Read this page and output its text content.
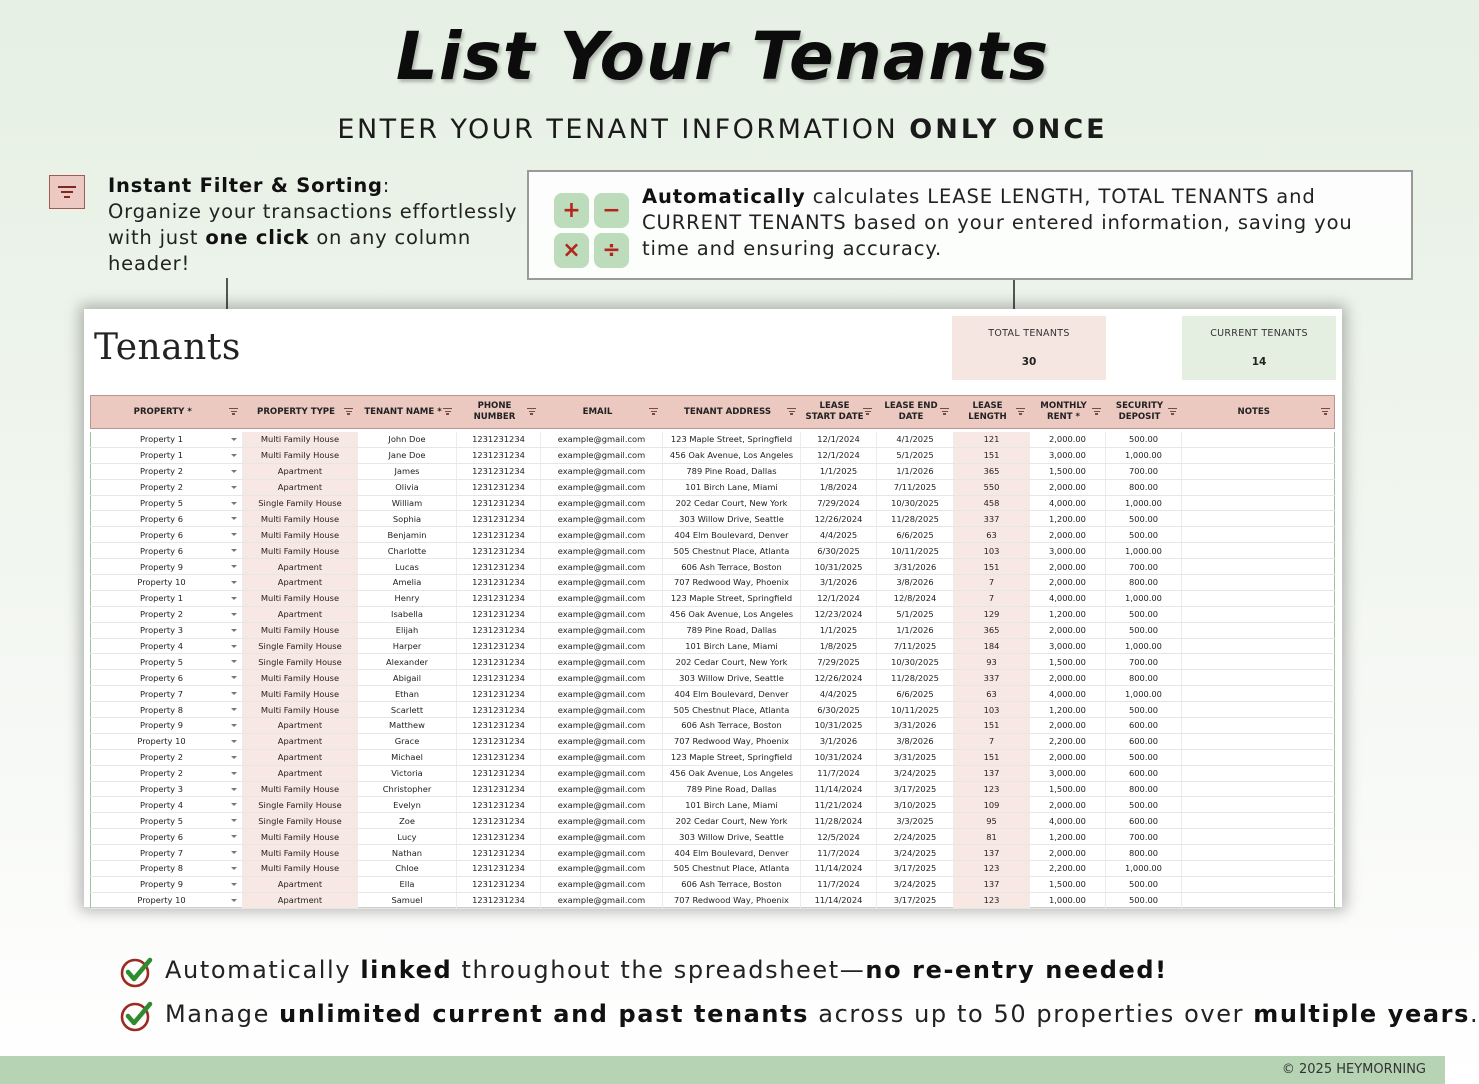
List Your Tenants
ENTER YOUR TENANT INFORMATION ONLY ONCE
Instant Filter & Sorting:
Organize your transactions effortlessly with just one click on any column header!
+ −
× ÷
Automatically calculates LEASE LENGTH, TOTAL TENANTS and CURRENT TENANTS based on your entered information, saving you time and ensuring accuracy.
Tenants	TOTAL TENANTS
30
CURRENT TENANTS
14
PROPERTY *	PROPERTY TYPE	TENANT NAME *	PHONE NUMBER	EMAIL	TENANT ADDRESS	LEASE START DATE	LEASE END DATE	LEASE LENGTH	MONTHLY RENT *	SECURITY DEPOSIT	NOTES

Property 1	Multi Family House	John Doe	1231231234	example@gmail.com	123 Maple Street, Springfield	12/1/2024	4/1/2025	121	2,000.00	500.00	
Property 1	Multi Family House	Jane Doe	1231231234	example@gmail.com	456 Oak Avenue, Los Angeles	12/1/2024	5/1/2025	151	3,000.00	1,000.00	
Property 2	Apartment	James	1231231234	example@gmail.com	789 Pine Road, Dallas	1/1/2025	1/1/2026	365	1,500.00	700.00	
Property 2	Apartment	Olivia	1231231234	example@gmail.com	101 Birch Lane, Miami	1/8/2024	7/11/2025	550	2,000.00	800.00	
Property 5	Single Family House	William	1231231234	example@gmail.com	202 Cedar Court, New York	7/29/2024	10/30/2025	458	4,000.00	1,000.00	
Property 6	Multi Family House	Sophia	1231231234	example@gmail.com	303 Willow Drive, Seattle	12/26/2024	11/28/2025	337	1,200.00	500.00	
Property 6	Multi Family House	Benjamin	1231231234	example@gmail.com	404 Elm Boulevard, Denver	4/4/2025	6/6/2025	63	2,000.00	500.00	
Property 6	Multi Family House	Charlotte	1231231234	example@gmail.com	505 Chestnut Place, Atlanta	6/30/2025	10/11/2025	103	3,000.00	1,000.00	
Property 9	Apartment	Lucas	1231231234	example@gmail.com	606 Ash Terrace, Boston	10/31/2025	3/31/2026	151	2,000.00	700.00	
Property 10	Apartment	Amelia	1231231234	example@gmail.com	707 Redwood Way, Phoenix	3/1/2026	3/8/2026	7	2,000.00	800.00	
Property 1	Multi Family House	Henry	1231231234	example@gmail.com	123 Maple Street, Springfield	12/1/2024	12/8/2024	7	4,000.00	1,000.00	
Property 2	Apartment	Isabella	1231231234	example@gmail.com	456 Oak Avenue, Los Angeles	12/23/2024	5/1/2025	129	1,200.00	500.00	
Property 3	Multi Family House	Elijah	1231231234	example@gmail.com	789 Pine Road, Dallas	1/1/2025	1/1/2026	365	2,000.00	500.00	
Property 4	Single Family House	Harper	1231231234	example@gmail.com	101 Birch Lane, Miami	1/8/2025	7/11/2025	184	3,000.00	1,000.00	
Property 5	Single Family House	Alexander	1231231234	example@gmail.com	202 Cedar Court, New York	7/29/2025	10/30/2025	93	1,500.00	700.00	
Property 6	Multi Family House	Abigail	1231231234	example@gmail.com	303 Willow Drive, Seattle	12/26/2024	11/28/2025	337	2,000.00	800.00	
Property 7	Multi Family House	Ethan	1231231234	example@gmail.com	404 Elm Boulevard, Denver	4/4/2025	6/6/2025	63	4,000.00	1,000.00	
Property 8	Multi Family House	Scarlett	1231231234	example@gmail.com	505 Chestnut Place, Atlanta	6/30/2025	10/11/2025	103	1,200.00	500.00	
Property 9	Apartment	Matthew	1231231234	example@gmail.com	606 Ash Terrace, Boston	10/31/2025	3/31/2026	151	2,000.00	600.00	
Property 10	Apartment	Grace	1231231234	example@gmail.com	707 Redwood Way, Phoenix	3/1/2026	3/8/2026	7	2,200.00	600.00	
Property 2	Apartment	Michael	1231231234	example@gmail.com	123 Maple Street, Springfield	10/31/2024	3/31/2025	151	2,000.00	500.00	
Property 2	Apartment	Victoria	1231231234	example@gmail.com	456 Oak Avenue, Los Angeles	11/7/2024	3/24/2025	137	3,000.00	600.00	
Property 3	Multi Family House	Christopher	1231231234	example@gmail.com	789 Pine Road, Dallas	11/14/2024	3/17/2025	123	1,500.00	800.00	
Property 4	Single Family House	Evelyn	1231231234	example@gmail.com	101 Birch Lane, Miami	11/21/2024	3/10/2025	109	2,000.00	500.00	
Property 5	Single Family House	Zoe	1231231234	example@gmail.com	202 Cedar Court, New York	11/28/2024	3/3/2025	95	4,000.00	600.00	
Property 6	Multi Family House	Lucy	1231231234	example@gmail.com	303 Willow Drive, Seattle	12/5/2024	2/24/2025	81	1,200.00	700.00	
Property 7	Multi Family House	Nathan	1231231234	example@gmail.com	404 Elm Boulevard, Denver	11/7/2024	3/24/2025	137	2,000.00	800.00	
Property 8	Multi Family House	Chloe	1231231234	example@gmail.com	505 Chestnut Place, Atlanta	11/14/2024	3/17/2025	123	2,200.00	1,000.00	
Property 9	Apartment	Ella	1231231234	example@gmail.com	606 Ash Terrace, Boston	11/7/2024	3/24/2025	137	1,500.00	500.00	
Property 10	Apartment	Samuel	1231231234	example@gmail.com	707 Redwood Way, Phoenix	11/14/2024	3/17/2025	123	1,000.00	500.00	
Automatically linked throughout the spreadsheet—no re-entry needed!
Manage unlimited current and past tenants across up to 50 properties over multiple years.
© 2025 HEYMORNING
